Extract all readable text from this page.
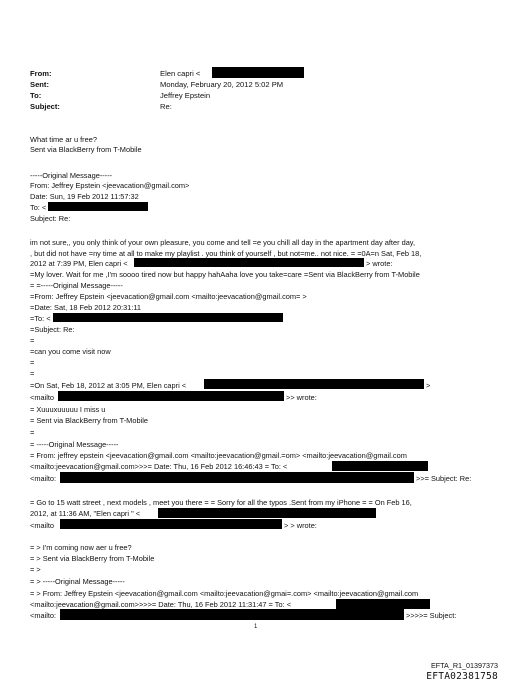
From:	Elen capri <
Sent:	Monday, February 20, 2012 5:02 PM
To:	Jeffrey Epstein
Subject:	Re:
What time ar u free?
Sent via BlackBerry from T-Mobile
-----Original Message-----
From: Jeffrey Epstein <jeevacation@gmail.com>
Date: Sun, 19 Feb 2012 11:57:32
To: <
Subject: Re:
im not sure,, you only think of your own pleasure, you come and tell =e you chill all day in the apartment day after day,
, but did not have =ny time at all to make my playlist . you think of yourself , but not=me.. not nice. = =0A=n Sat, Feb 18,
2012 at 7:39 PM, Elen capri <	> wrote:
=My lover. Wait for me ,I'm soooo tired now but happy hahAaha love you take=care =Sent via BlackBerry from T-Mobile
= =-----Original Message-----
=From: Jeffrey Epstein <jeevacation@gmail.com <mailto:jeevacation@gmail.com= >
=Date: Sat, 18 Feb 2012 20:31:11
=To: <
=Subject: Re:
=
=can you come visit now
=
=
=On Sat, Feb 18, 2012 at 3:05 PM, Elen capri <	>
<mailto	>> wrote:
= Xuuuxuuuuu I miss u
= Sent via BlackBerry from T-Mobile
=
= -----Original Message-----
= From: jeffrey epstein <jeevacation@gmail.com <mailto:jeevacation@gmail.=om> <mailto:jeevacation@gmail.com
<mailto:jeevacation@gmail.com>>>= Date: Thu, 16 Feb 2012 16:46:43 = To: <
<mailto:	>>= Subject: Re:
= Go to 15 watt street , next models , meet you there = = Sorry for all the typos .Sent from my iPhone = = On Feb 16,
2012, at 11:36 AM, "Elen capri " <
<mailto	> > wrote:
= > I'm coming now aer u free?
= > Sent via BlackBerry from T-Mobile
= >
= > -----Original Message-----
= > From: Jeffrey Epstein <jeevacation@gmail.com <mailto:jeevacation@gmai=.com> <mailto:jeevacation@gmail.com
<mailto:jeevacation@gmail.com>>>>= Date: Thu, 16 Feb 2012 11:31:47 = To: <
<mailto:	>>>>= Subject:
1
EFTA_R1_01397373
EFTA02381758
